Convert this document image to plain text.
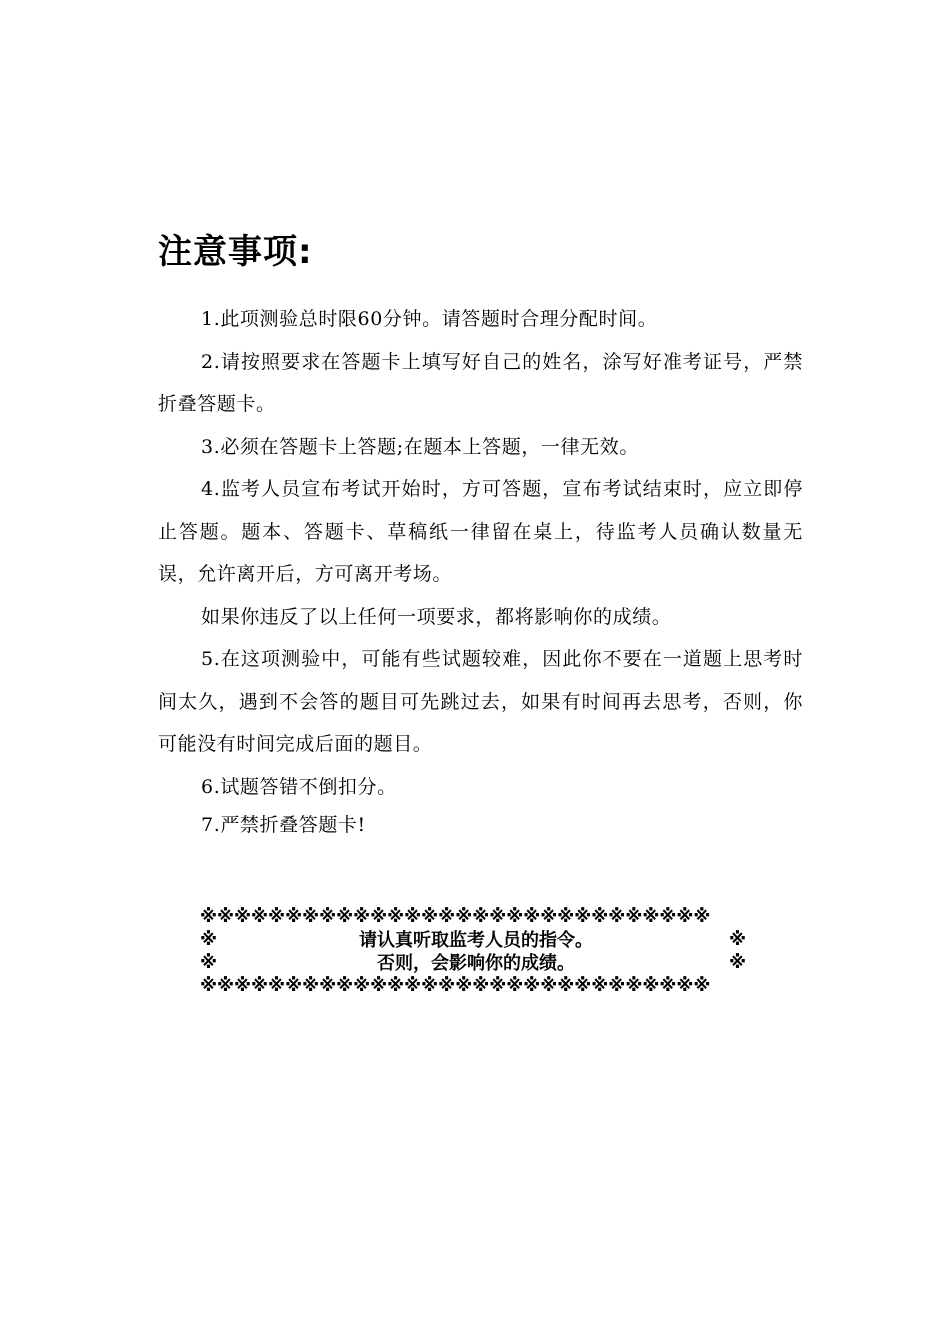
注意事项:

1.此项测验总时限60分钟。请答题时合理分配时间。

2.请按照要求在答题卡上填写好自己的姓名，涂写好准考证号，严禁折叠答题卡。

3.必须在答题卡上答题;在题本上答题，一律无效。

4.监考人员宣布考试开始时，方可答题，宣布考试结束时，应立即停止答题。题本、答题卡、草稿纸一律留在桌上，待监考人员确认数量无误，允许离开后，方可离开考场。

如果你违反了以上任何一项要求，都将影响你的成绩。

5.在这项测验中，可能有些试题较难，因此你不要在一道题上思考时间太久，遇到不会答的题目可先跳过去，如果有时间再去思考，否则，你可能没有时间完成后面的题目。

6.试题答错不倒扣分。

7.严禁折叠答题卡!

※※※※※※※※※※※※※※※※※※※※※※※※※※※※※※
※	请认真听取监考人员的指令。	※
※	否则，会影响你的成绩。	※
※※※※※※※※※※※※※※※※※※※※※※※※※※※※※※
